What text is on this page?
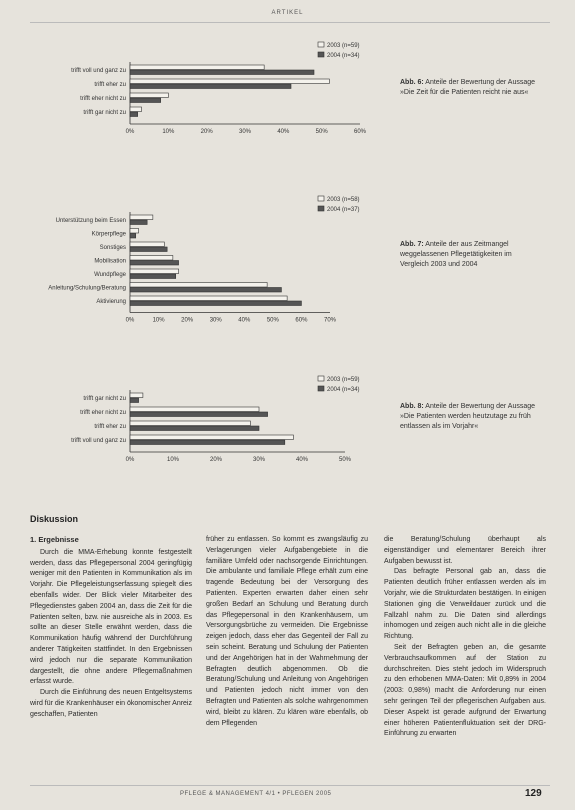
ARTIKEL
2003 (n=59)
2004 (n=34)
0%	10%	20%	30%	40%	50%	60%
trifft voll und ganz zu
trifft eher zu
trifft eher nicht zu
trifft gar nicht zu
Abb. 6: Anteile der Bewertung der Aussage »Die Zeit für die Patienten reicht nie aus«
2003 (n=58)
2004 (n=37)
0%	10%	20%	30%	40%	50%	60%	70%
Unterstützung beim Essen
Körperpflege
Sonstiges
Mobilisation
Wundpflege
Anleitung/Schulung/Beratung
Aktivierung
Abb. 7: Anteile der aus Zeitmangel weggelassenen Pflegetätigkeiten im Vergleich 2003 und 2004
2003 (n=59)
2004 (n=34)
0%	10%	20%	30%	40%	50%
trifft gar nicht zu
trifft eher nicht zu
trifft eher zu
trifft voll und ganz zu
Abb. 8: Anteile der Bewertung der Aussage »Die Patienten werden heutzutage zu früh entlassen als im Vorjahr«
Diskussion
1. Ergebnisse

Durch die MMA-Erhebung konnte festgestellt werden, dass das Pflegepersonal 2004 geringfügig weniger mit den Patienten in Kommunikation als im Vorjahr. Die Pflegeleistungserfassung spiegelt dies ebenfalls wider. Der Blick vieler Mitarbeiter des Pflegedienstes gaben 2004 an, dass die Zeit für die Patienten selten, bzw. nie ausreiche als in 2003. Es sollte an dieser Stelle erwähnt werden, dass die Kommunikation häufig während der Durchführung anderer Tätigkeiten stattfindet. In den Ergebnissen wird jedoch nur die separate Kommunikation dargestellt, die ohne andere Pflegemaßnahmen erfasst wurde.

Durch die Einführung des neuen Entgeltsystems wird für die Krankenhäuser ein ökonomischer Anreiz geschaffen, Patienten

früher zu entlassen. So kommt es zwangsläufig zu Verlagerungen vieler Aufgabengebiete in die familiäre Umfeld oder nachsorgende Einrichtungen. Die ambulante und familiale Pflege erhält zum eine tragende Bedeutung bei der Versorgung des Patienten. Experten erwarten daher einen sehr großen Bedarf an Schulung und Beratung durch das Pflegepersonal in den Krankenhäusern, um Versorgungsbrüche zu vermeiden. Die Ergebnisse zeigen jedoch, dass eher das Gegenteil der Fall zu sein scheint. Beratung und Schulung der Patienten und der Angehörigen hat in der Wahrnehmung der Befragten deutlich abgenommen. Ob die Beratung/Schulung und Anleitung von Angehörigen und Patienten jedoch nicht immer von den Befragten und Patienten als solche wahrgenommen wird, bleibt zu klären. Zu klären wäre ebenfalls, ob dem Pflegenden

die Beratung/Schulung überhaupt als eigenständiger und elementarer Bereich ihrer Aufgaben bewusst ist.

Das befragte Personal gab an, dass die Patienten deutlich früher entlassen werden als im Vorjahr, wie die Strukturdaten bestätigen. In einigen Stationen ging die Verweildauer zurück und die Fallzahl nahm zu. Die Daten sind allerdings inhomogen und zeigen auch nicht alle in die gleiche Richtung.

Seit der Befragten geben an, die gesamte Verbrauchsaufkommen auf der Station zu durchschreiten. Dies steht jedoch im Widerspruch zu den erhobenen MMA-Daten: Mit 0,89% in 2004 (2003: 0,98%) macht die Anforderung nur einen sehr geringen Teil der pflegerischen Aufgaben aus. Dieser Aspekt ist gerade aufgrund der Erwartung einer höheren Patientenfluktuation seit der DRG-Einführung zu erwarten

PFLEGE & MANAGEMENT 4/1 • PFLEGEN 2005	129
